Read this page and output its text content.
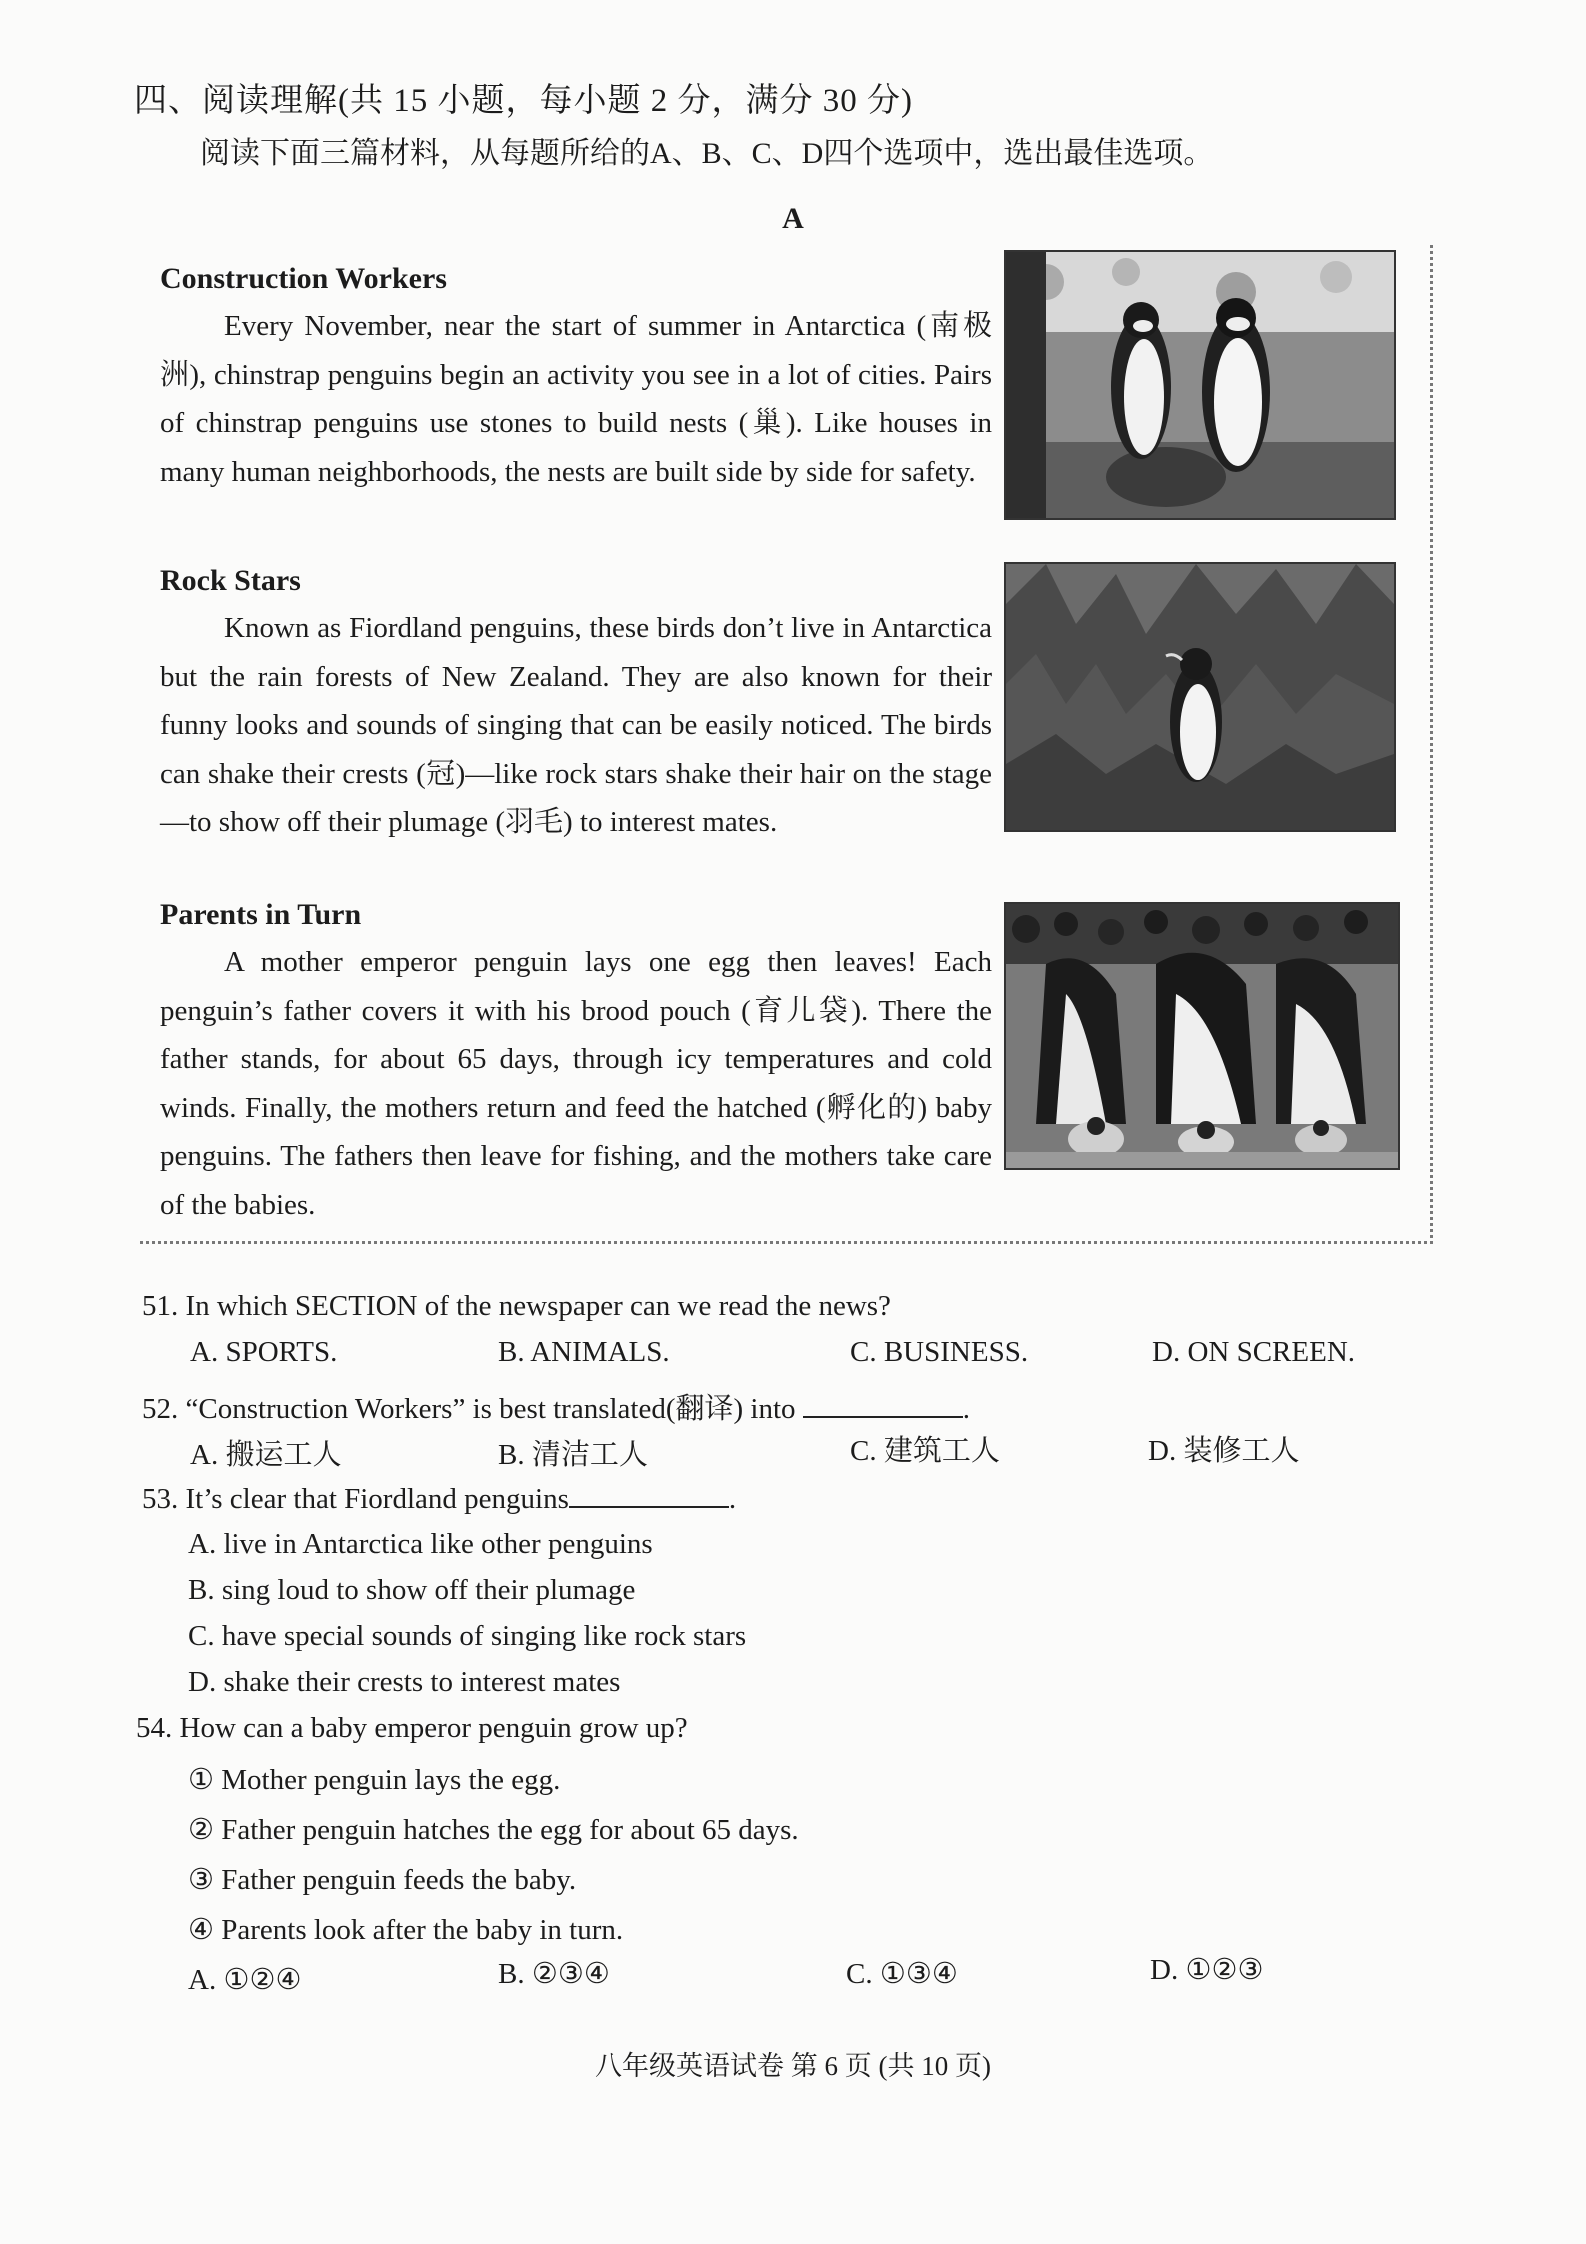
四、阅读理解(共 15 小题，每小题 2 分，满分 30 分)
阅读下面三篇材料，从每题所给的A、B、C、D四个选项中，选出最佳选项。
A
Construction Workers

Every November, near the start of summer in Antarctica (南极洲), chinstrap penguins begin an activity you see in a lot of cities. Pairs of chinstrap penguins use stones to build nests (巢). Like houses in many human neighborhoods, the nests are built side by side for safety.

Rock Stars

Known as Fiordland penguins, these birds don’t live in Antarctica but the rain forests of New Zealand. They are also known for their funny looks and sounds of singing that can be easily noticed. The birds can shake their crests (冠)—like rock stars shake their hair on the stage—to show off their plumage (羽毛) to interest mates.

Parents in Turn

A mother emperor penguin lays one egg then leaves! Each penguin’s father covers it with his brood pouch (育儿袋). There the father stands, for about 65 days, through icy temperatures and cold winds. Finally, the mothers return and feed the hatched (孵化的) baby penguins. The fathers then leave for fishing, and the mothers take care of the babies.

51. In which SECTION of the newspaper can we read the news?
A. SPORTS.	B. ANIMALS.	C. BUSINESS.	D. ON SCREEN.
52. “Construction Workers” is best translated(翻译) into	.
A. 搬运工人	B. 清洁工人	C. 建筑工人	D. 装修工人
53. It’s clear that Fiordland penguins	.
A. live in Antarctica like other penguins
B. sing loud to show off their plumage
C. have special sounds of singing like rock stars
D. shake their crests to interest mates
54. How can a baby emperor penguin grow up?
① Mother penguin lays the egg.
② Father penguin hatches the egg for about 65 days.
③ Father penguin feeds the baby.
④ Parents look after the baby in turn.
A. ①②④	B. ②③④	C. ①③④	D. ①②③
八年级英语试卷 第 6 页 (共 10 页)
